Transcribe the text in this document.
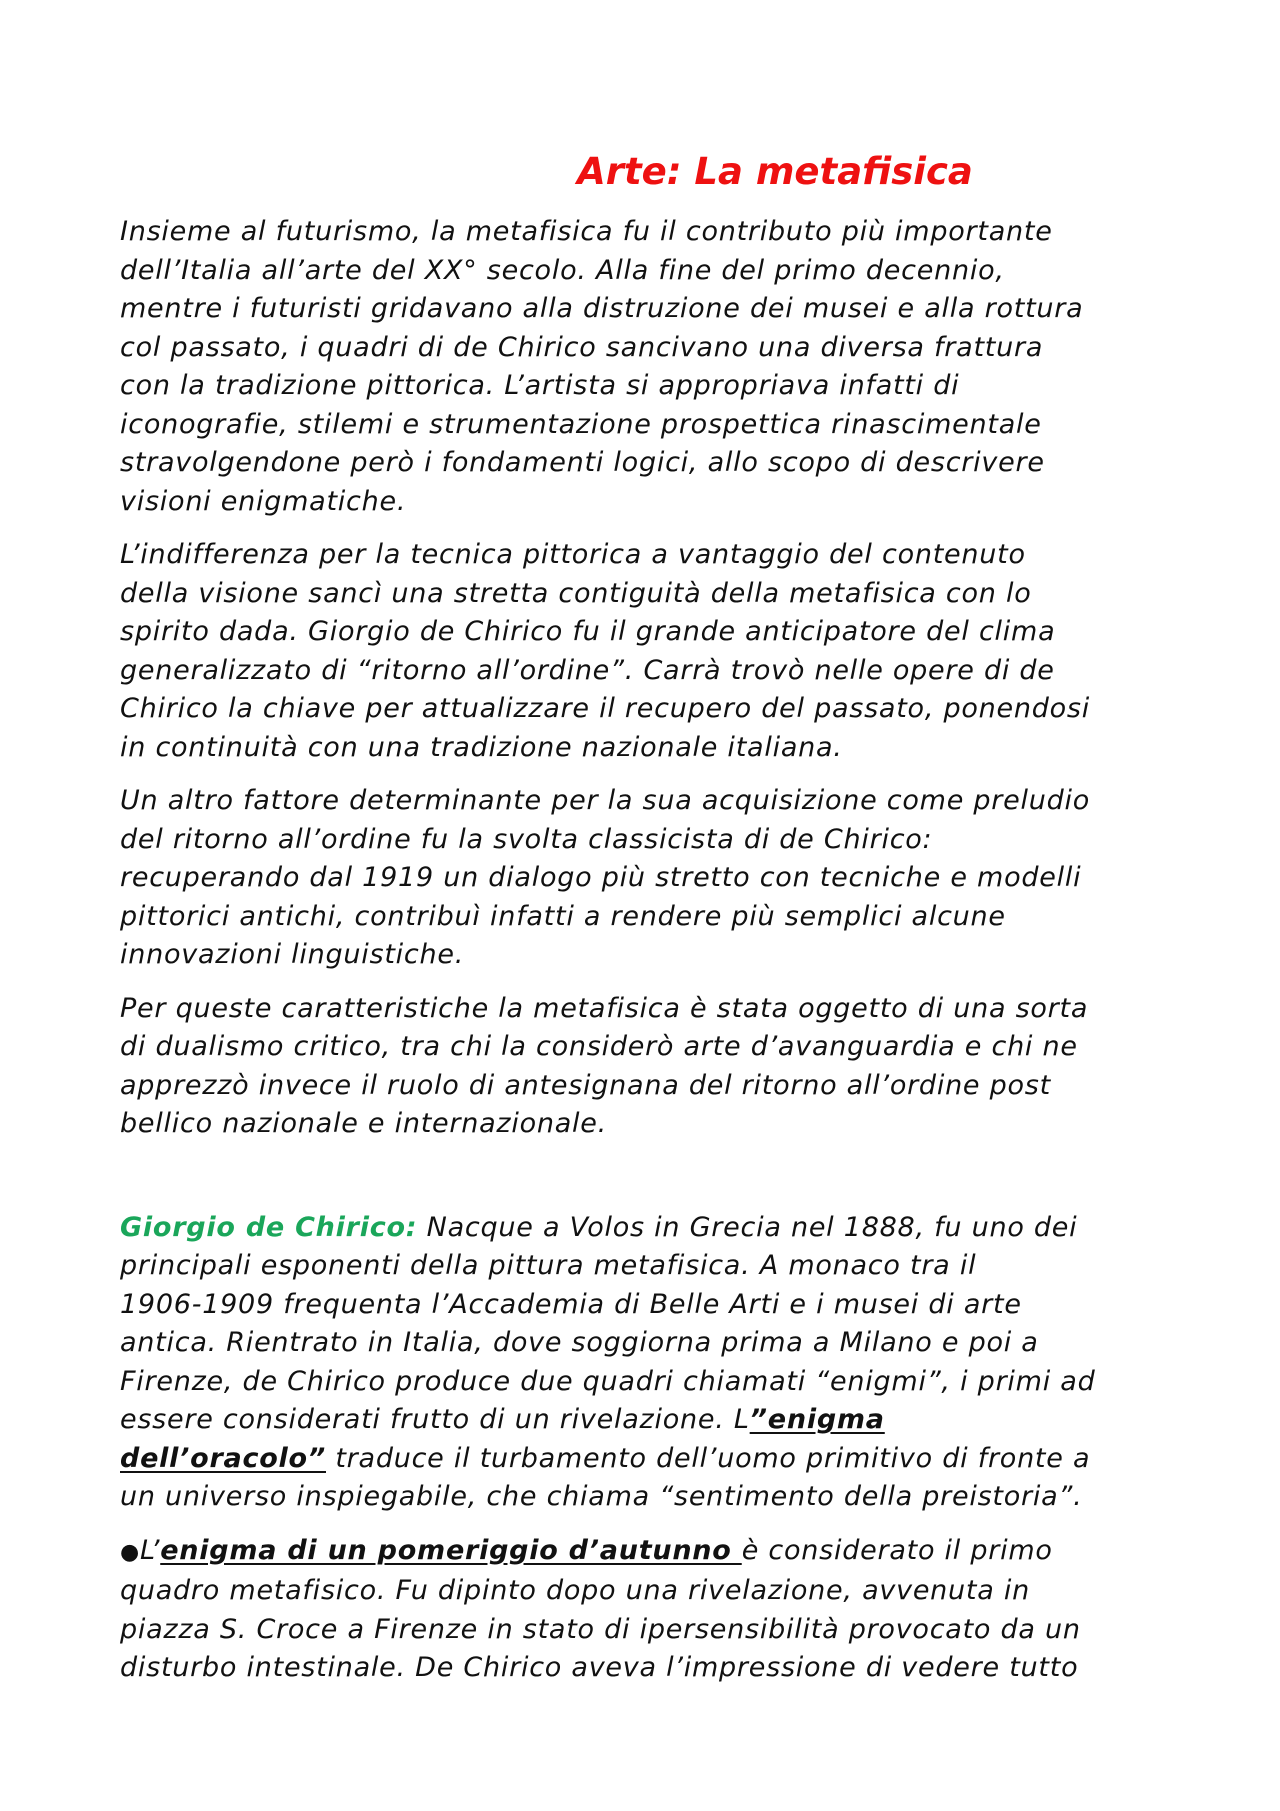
Arte: La metafisica

Insieme al futurismo, la metafisica fu il contributo più importante
dell’Italia all’arte del XX° secolo. Alla fine del primo decennio,
mentre i futuristi gridavano alla distruzione dei musei e alla rottura
col passato, i quadri di de Chirico sancivano una diversa frattura
con la tradizione pittorica. L’artista si appropriava infatti di
iconografie, stilemi e strumentazione prospettica rinascimentale
stravolgendone però i fondamenti logici, allo scopo di descrivere
visioni enigmatiche.

L’indifferenza per la tecnica pittorica a vantaggio del contenuto
della visione sancì una stretta contiguità della metafisica con lo
spirito dada. Giorgio de Chirico fu il grande anticipatore del clima
generalizzato di “ritorno all’ordine”. Carrà trovò nelle opere di de
Chirico la chiave per attualizzare il recupero del passato, ponendosi
in continuità con una tradizione nazionale italiana.

Un altro fattore determinante per la sua acquisizione come preludio
del ritorno all’ordine fu la svolta classicista di de Chirico:
recuperando dal 1919 un dialogo più stretto con tecniche e modelli
pittorici antichi, contribuì infatti a rendere più semplici alcune
innovazioni linguistiche.

Per queste caratteristiche la metafisica è stata oggetto di una sorta
di dualismo critico, tra chi la considerò arte d’avanguardia e chi ne
apprezzò invece il ruolo di antesignana del ritorno all’ordine post
bellico nazionale e internazionale.

Giorgio de Chirico: Nacque a Volos in Grecia nel 1888, fu uno dei
principali esponenti della pittura metafisica. A monaco tra il
1906-1909 frequenta l’Accademia di Belle Arti e i musei di arte
antica. Rientrato in Italia, dove soggiorna prima a Milano e poi a
Firenze, de Chirico produce due quadri chiamati “enigmi”, i primi ad
essere considerati frutto di un rivelazione. L”enigma
dell’oracolo” traduce il turbamento dell’uomo primitivo di fronte a
un universo inspiegabile, che chiama “sentimento della preistoria”.

●L’enigma di un pomeriggio d’autunno è considerato il primo
quadro metafisico. Fu dipinto dopo una rivelazione, avvenuta in
piazza S. Croce a Firenze in stato di ipersensibilità provocato da un
disturbo intestinale. De Chirico aveva l’impressione di vedere tutto
